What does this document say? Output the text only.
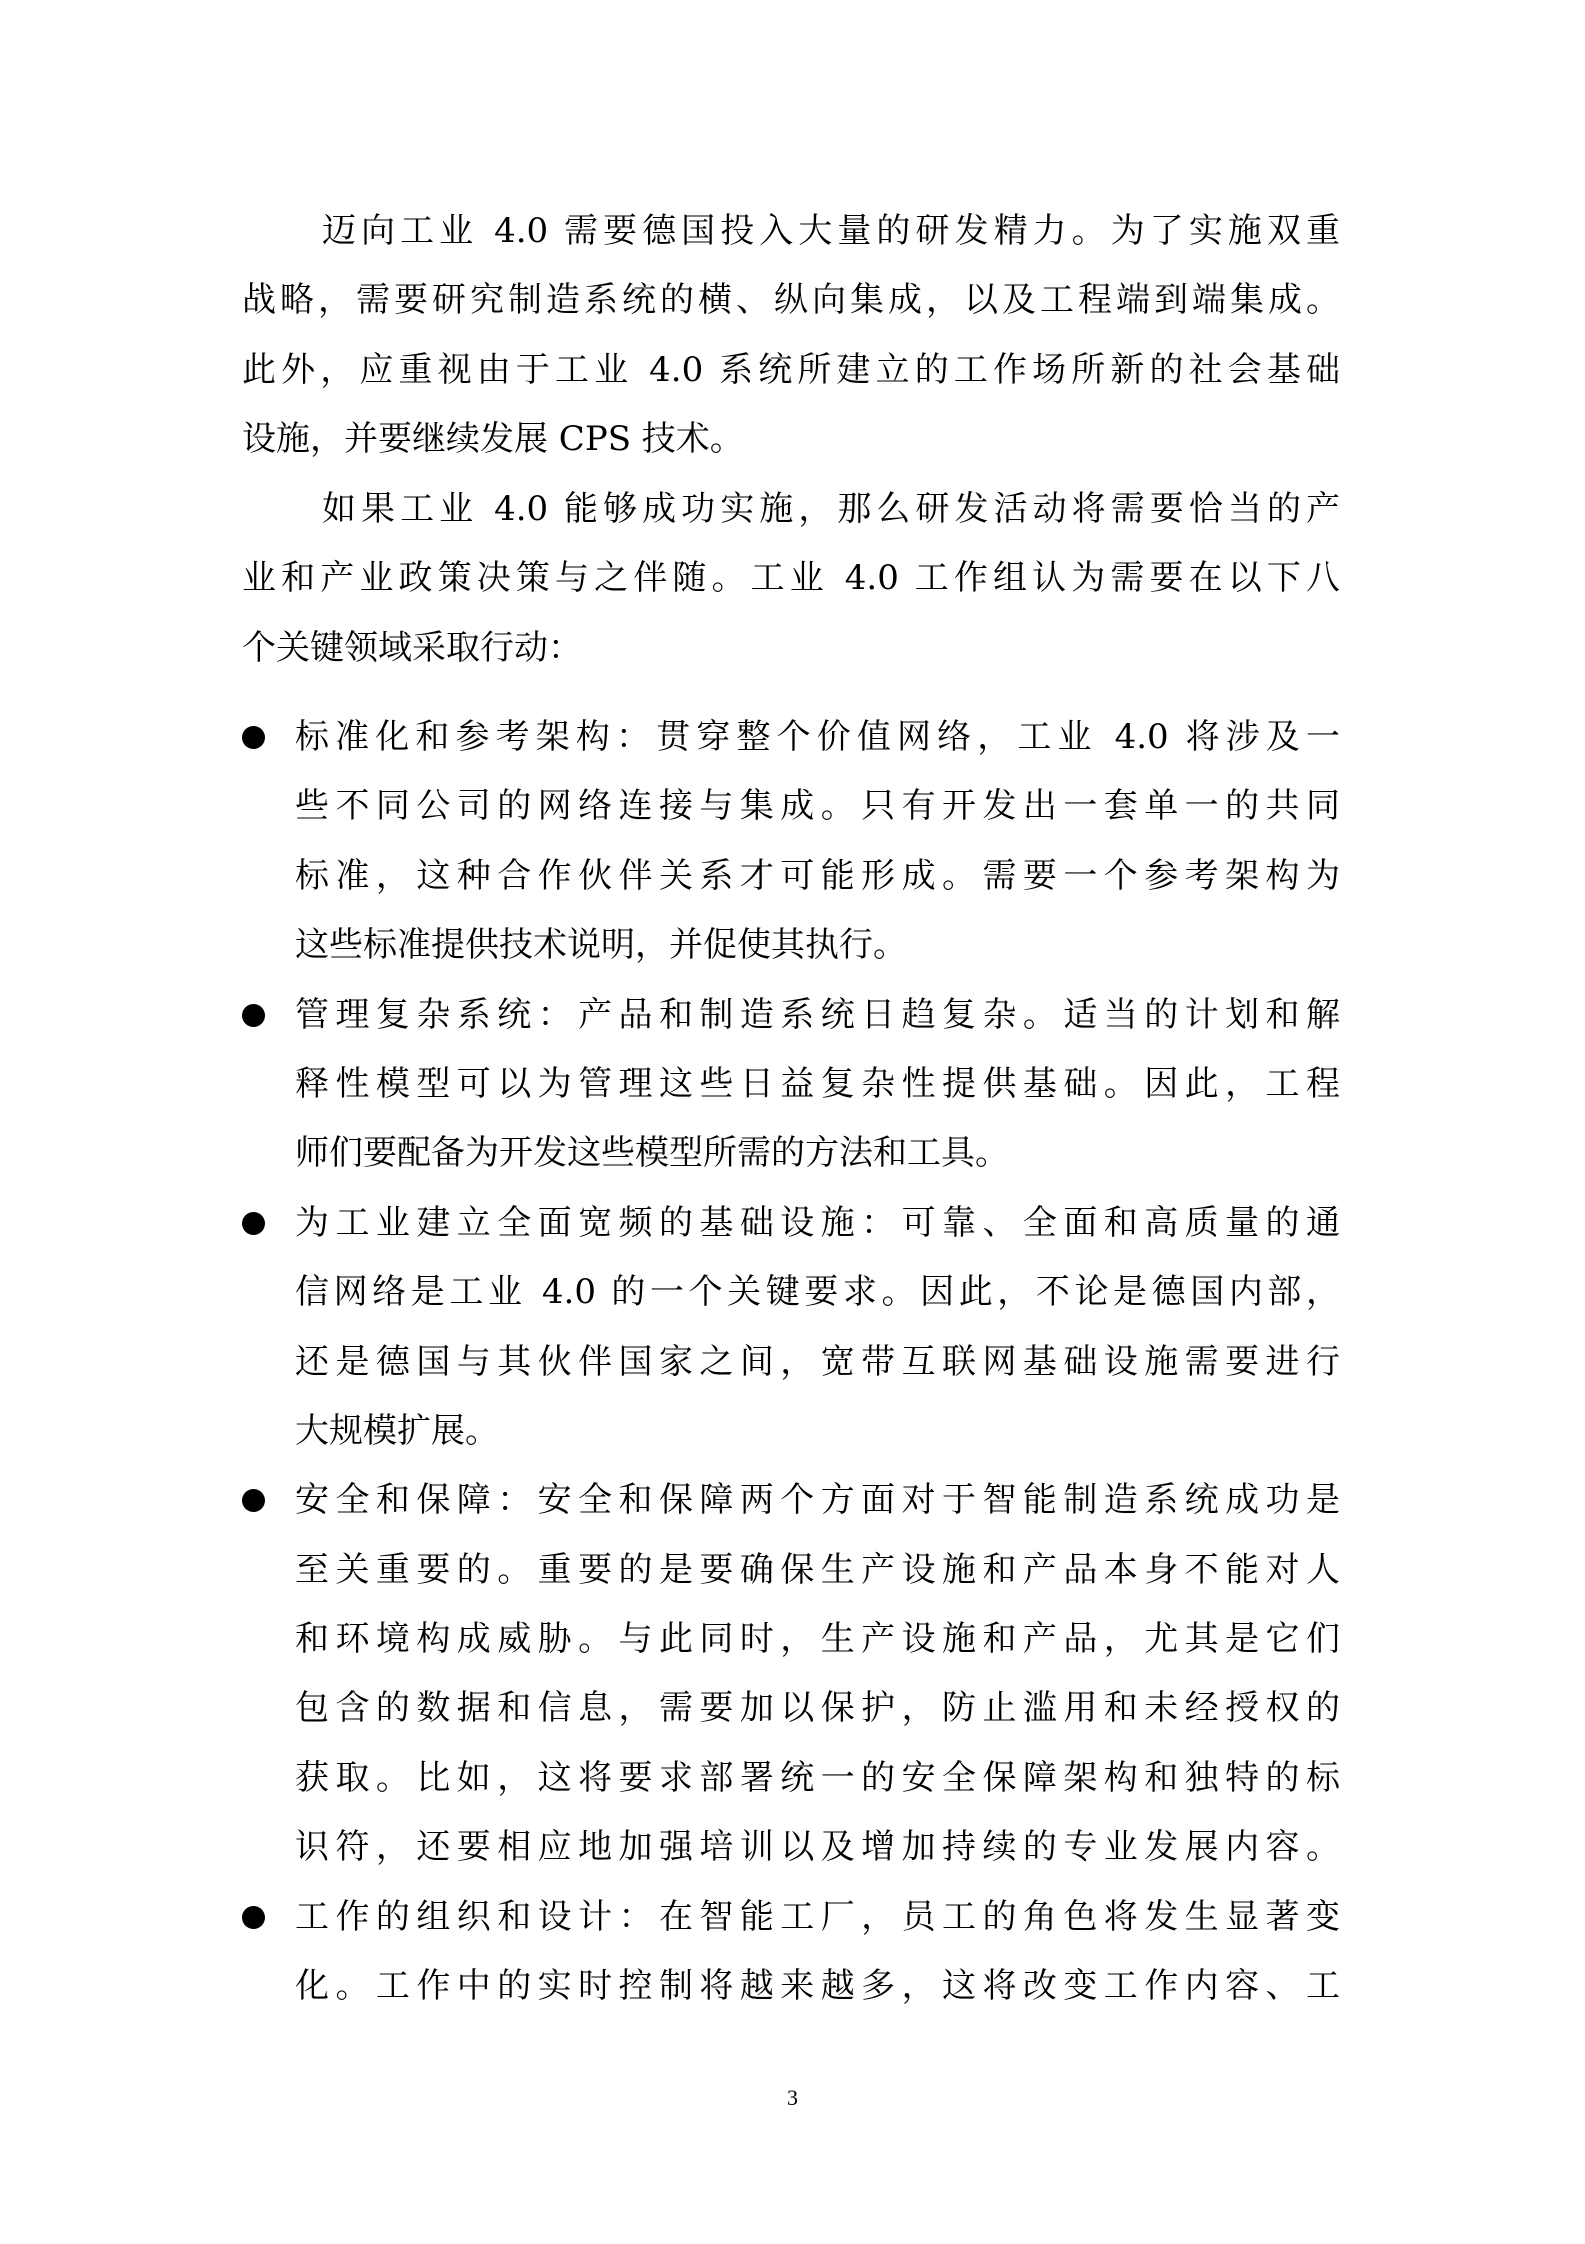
迈向工业 4.0 需要德国投入大量的研发精力。为了实施双重
战略，需要研究制造系统的横、纵向集成，以及工程端到端集成。
此外，应重视由于工业 4.0 系统所建立的工作场所新的社会基础
设施，并要继续发展 CPS 技术。
如果工业 4.0 能够成功实施，那么研发活动将需要恰当的产
业和产业政策决策与之伴随。工业 4.0 工作组认为需要在以下八
个关键领域采取行动：
标准化和参考架构：贯穿整个价值网络，工业 4.0 将涉及一
些不同公司的网络连接与集成。只有开发出一套单一的共同
标准，这种合作伙伴关系才可能形成。需要一个参考架构为
这些标准提供技术说明，并促使其执行。
管理复杂系统：产品和制造系统日趋复杂。适当的计划和解
释性模型可以为管理这些日益复杂性提供基础。因此，工程
师们要配备为开发这些模型所需的方法和工具。
为工业建立全面宽频的基础设施：可靠、全面和高质量的通
信网络是工业 4.0 的一个关键要求。因此，不论是德国内部，
还是德国与其伙伴国家之间，宽带互联网基础设施需要进行
大规模扩展。
安全和保障：安全和保障两个方面对于智能制造系统成功是
至关重要的。重要的是要确保生产设施和产品本身不能对人
和环境构成威胁。与此同时，生产设施和产品，尤其是它们
包含的数据和信息，需要加以保护，防止滥用和未经授权的
获取。比如，这将要求部署统一的安全保障架构和独特的标
识符，还要相应地加强培训以及增加持续的专业发展内容。
工作的组织和设计：在智能工厂，员工的角色将发生显著变
化。工作中的实时控制将越来越多，这将改变工作内容、工
3
